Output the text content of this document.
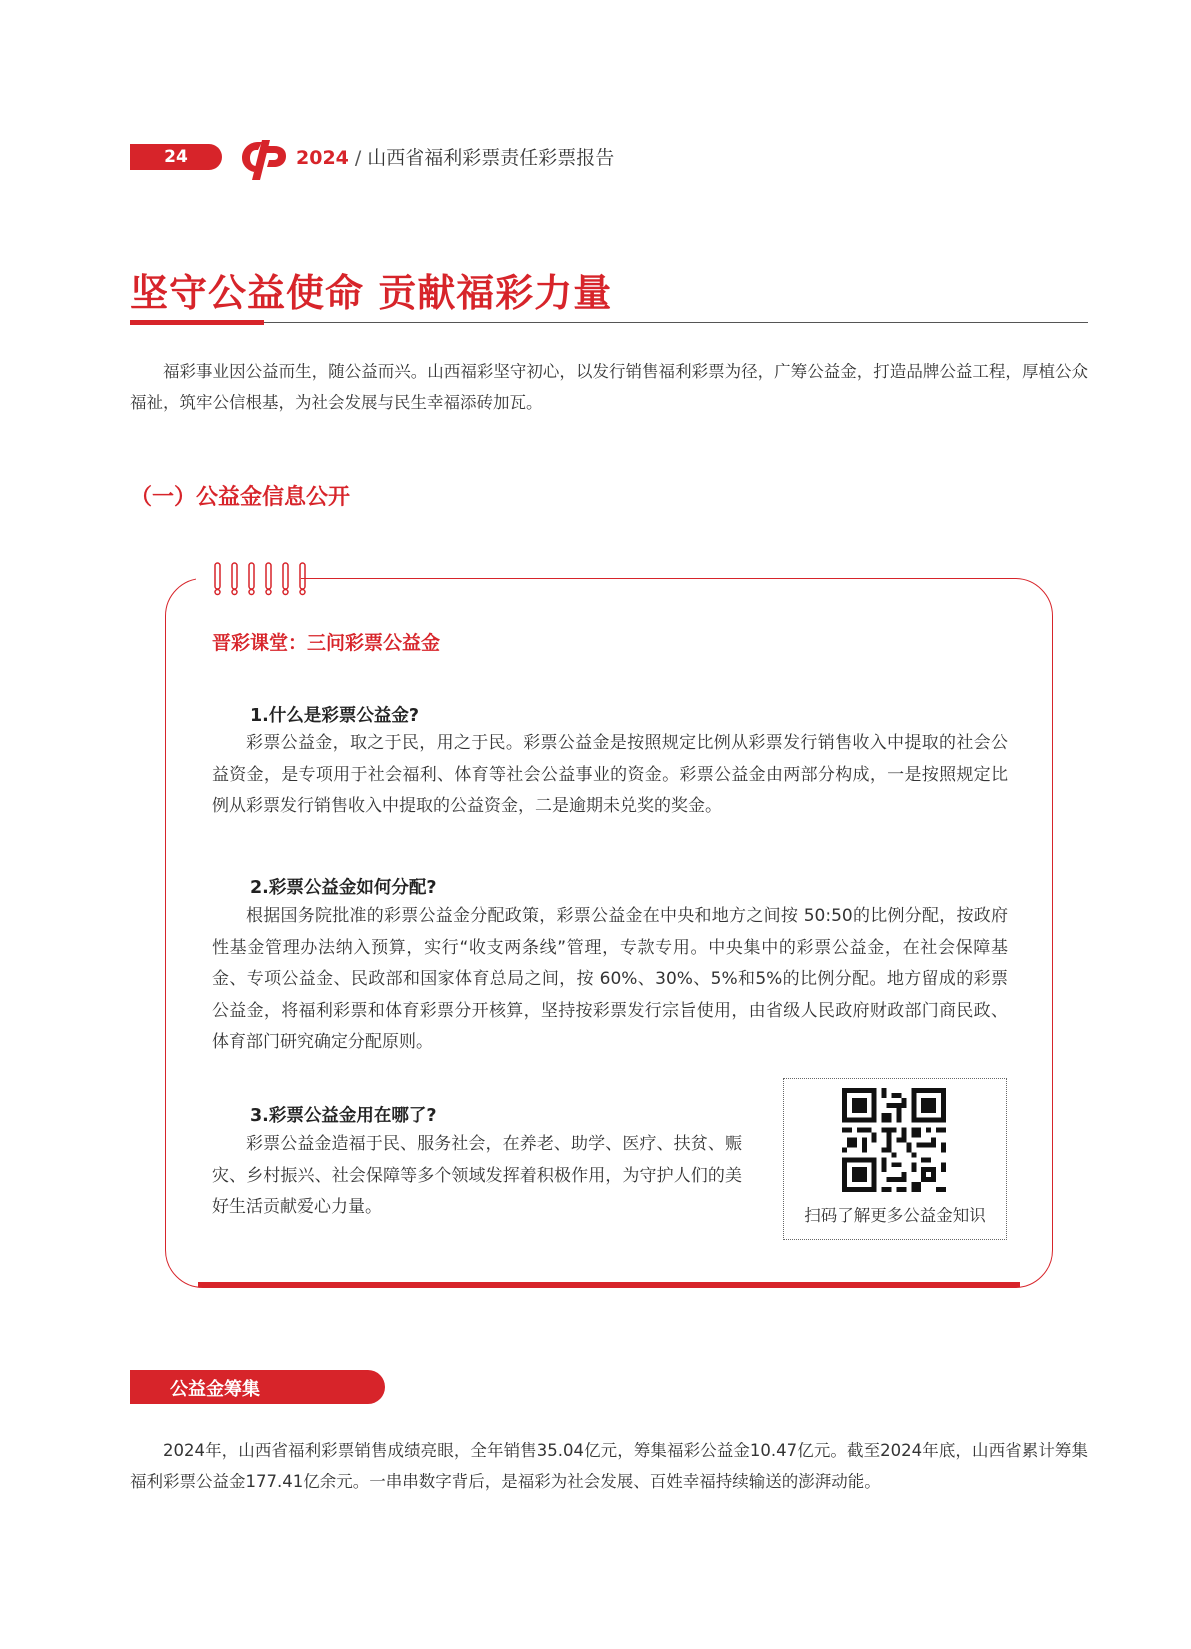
24	2024 / 山西省福利彩票责任彩票报告
坚守公益使命 贡献福彩力量
福彩事业因公益而生，随公益而兴。山西福彩坚守初心，以发行销售福利彩票为径，广筹公益金，打造品牌公益工程，厚植公众福祉，筑牢公信根基，为社会发展与民生幸福添砖加瓦。
（一）公益金信息公开
晋彩课堂：三问彩票公益金
1.什么是彩票公益金?
彩票公益金，取之于民，用之于民。彩票公益金是按照规定比例从彩票发行销售收入中提取的社会公益资金，是专项用于社会福利、体育等社会公益事业的资金。彩票公益金由两部分构成，一是按照规定比例从彩票发行销售收入中提取的公益资金，二是逾期未兑奖的奖金。
2.彩票公益金如何分配?
根据国务院批准的彩票公益金分配政策，彩票公益金在中央和地方之间按 50:50的比例分配，按政府性基金管理办法纳入预算，实行“收支两条线”管理，专款专用。中央集中的彩票公益金，在社会保障基金、专项公益金、民政部和国家体育总局之间，按 60%、30%、5%和5%的比例分配。地方留成的彩票公益金，将福利彩票和体育彩票分开核算，坚持按彩票发行宗旨使用，由省级人民政府财政部门商民政、体育部门研究确定分配原则。
3.彩票公益金用在哪了?
彩票公益金造福于民、服务社会，在养老、助学、医疗、扶贫、赈灾、乡村振兴、社会保障等多个领域发挥着积极作用，为守护人们的美好生活贡献爱心力量。	扫码了解更多公益金知识
公益金筹集
2024年，山西省福利彩票销售成绩亮眼，全年销售35.04亿元，筹集福彩公益金10.47亿元。截至2024年底，山西省累计筹集福利彩票公益金177.41亿余元。一串串数字背后，是福彩为社会发展、百姓幸福持续输送的澎湃动能。
